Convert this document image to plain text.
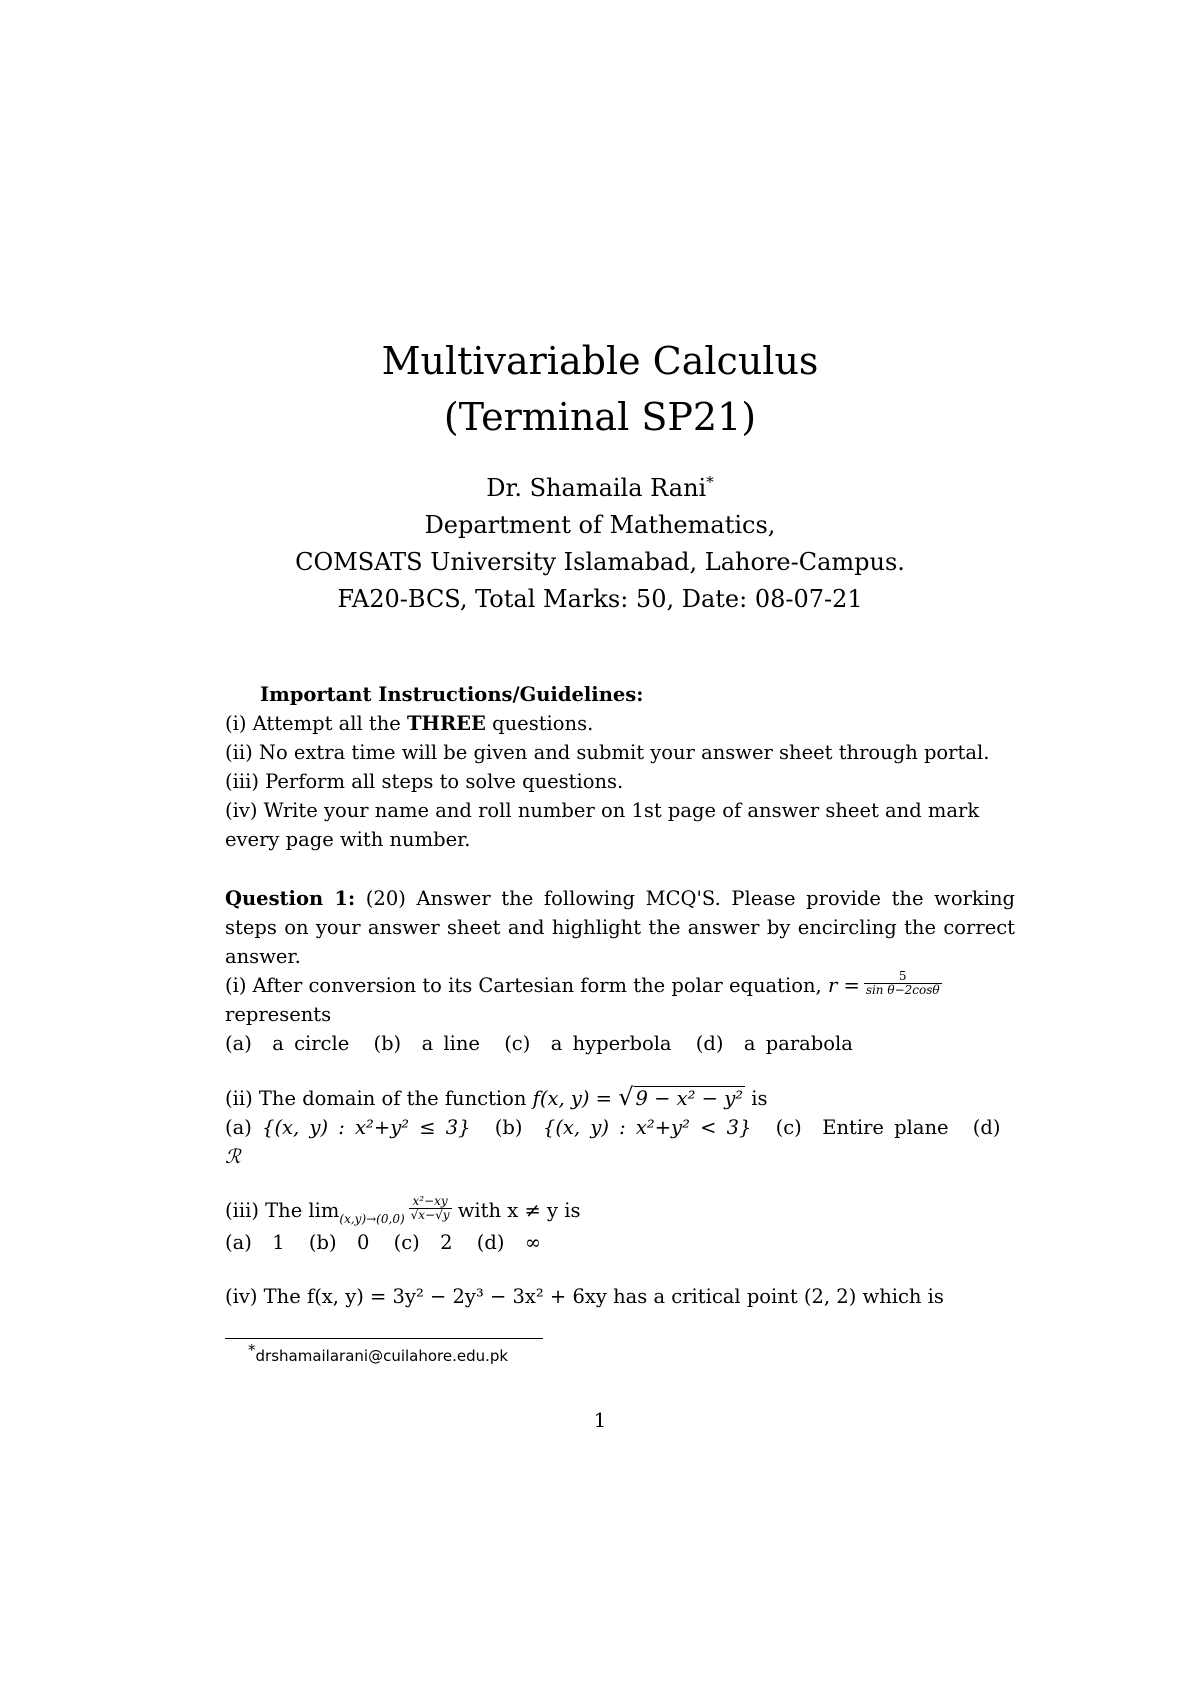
Multivariable Calculus
(Terminal SP21)
Dr. Shamaila Rani*
Department of Mathematics,
COMSATS University Islamabad, Lahore-Campus.
FA20-BCS, Total Marks: 50, Date: 08-07-21
Important Instructions/Guidelines:
(i) Attempt all the THREE questions.
(ii) No extra time will be given and submit your answer sheet through portal.
(iii) Perform all steps to solve questions.
(iv) Write your name and roll number on 1st page of answer sheet and mark every page with number.
Question 1: (20) Answer the following MCQ'S. Please provide the working steps on your answer sheet and highlight the answer by encircling the correct answer.
(i) After conversion to its Cartesian form the polar equation, $r = \frac{5}{\text{sin θ−2cosθ}}$
represents
(a) a circle (b) a line (c) a hyperbola (d) a parabola
(ii) The domain of the function f(x, y) = √ 9 − x² − y² is
(a) {(x, y) : x²+y² ≤ 3} (b) {(x, y) : x²+y² < 3} (c) Entire plane (d)  ℛ
(iii) The $\lim_{(x,y)\to(0,0)} \frac{\text{x²−xy}}{√x-√y}$ with x ≠ y is
(a) 1 (b) 0 (c) 2 (d) ∞
(iv) The f(x, y) = 3y² − 2y³ − 3x² + 6xy has a critical point (2, 2) which is
*drshamailarani@cuilahore.edu.pk
1
